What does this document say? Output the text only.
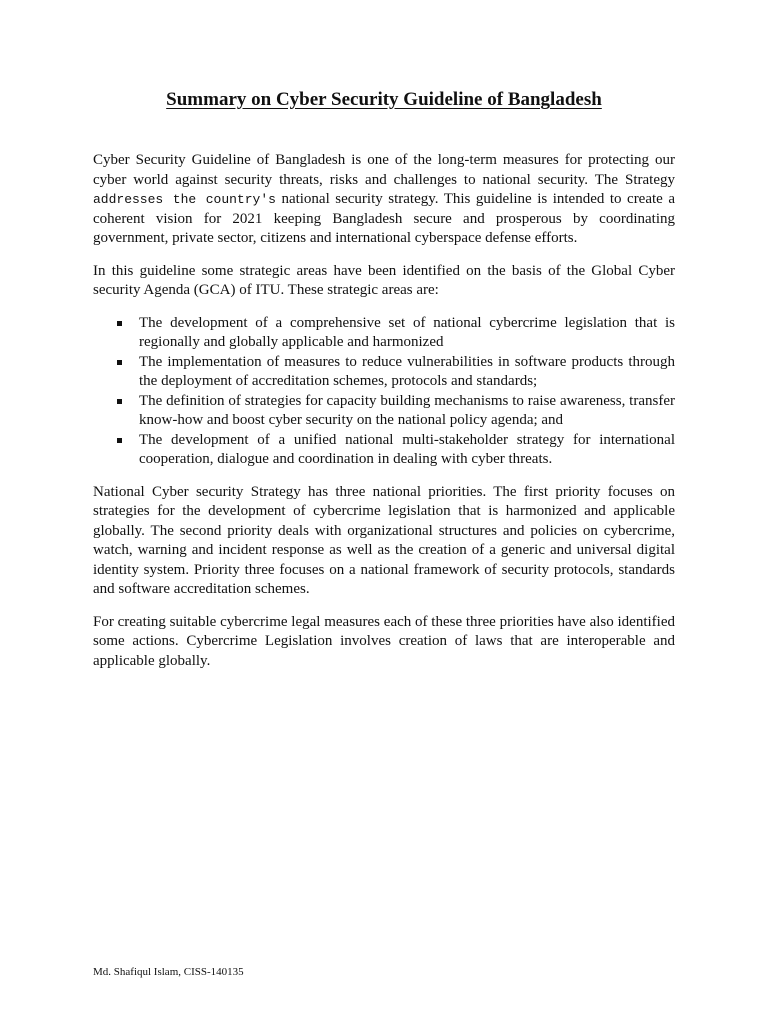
Summary on Cyber Security Guideline of Bangladesh

Cyber Security Guideline of Bangladesh is one of the long-term measures for protecting our cyber world against security threats, risks and challenges to national security. The Strategy addresses the country's national security strategy. This guideline is intended to create a coherent vision for 2021 keeping Bangladesh secure and prosperous by coordinating government, private sector, citizens and international cyberspace defense efforts.

In this guideline some strategic areas have been identified on the basis of the Global Cyber security Agenda (GCA) of ITU. These strategic areas are:

The development of a comprehensive set of national cybercrime legislation that is regionally and globally applicable and harmonized
The implementation of measures to reduce vulnerabilities in software products through the deployment of accreditation schemes, protocols and standards;
The definition of strategies for capacity building mechanisms to raise awareness, transfer know-how and boost cyber security on the national policy agenda; and
The development of a unified national multi-stakeholder strategy for international cooperation, dialogue and coordination in dealing with cyber threats.

National Cyber security Strategy has three national priorities. The first priority focuses on strategies for the development of cybercrime legislation that is harmonized and applicable globally. The second priority deals with organizational structures and policies on cybercrime, watch, warning and incident response as well as the creation of a generic and universal digital identity system. Priority three focuses on a national framework of security protocols, standards and software accreditation schemes.

For creating suitable cybercrime legal measures each of these three priorities have also identified some actions. Cybercrime Legislation involves creation of laws that are interoperable and applicable globally.

Md. Shafiqul Islam, CISS-140135
